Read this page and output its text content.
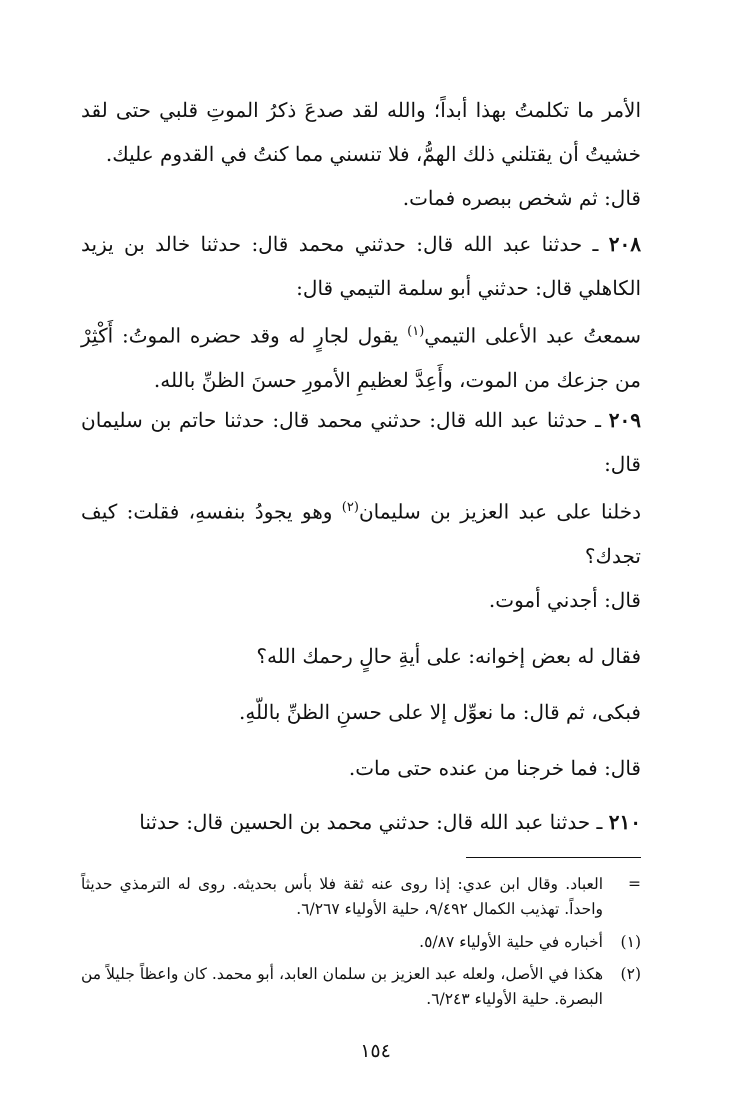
الأمر ما تكلمتُ بهذا أبداً؛ والله لقد صدعَ ذكرُ الموتِ قلبي حتى لقد خشيتُ أن يقتلني ذلك الهمُّ، فلا تنسني مما كنتُ في القدوم عليك.
قال: ثم شخص ببصره فمات.
٢٠٨ ـ حدثنا عبد الله قال: حدثني محمد قال: حدثنا خالد بن يزيد الكاهلي قال: حدثني أبو سلمة التيمي قال:
سمعتُ عبد الأعلى التيمي$^{(١)}$ يقول لجارٍ له وقد حضره الموتُ: أَكْثِرْ من جزعك من الموت، وأَعِدَّ لعظيمِ الأمورِ حسنَ الظنِّ بالله.
٢٠٩ ـ حدثنا عبد الله قال: حدثني محمد قال: حدثنا حاتم بن سليمان قال:
دخلنا على عبد العزيز بن سليمان$^{(٢)}$ وهو يجودُ بنفسهِ، فقلت: كيف تجدك؟
قال: أجدني أموت.
فقال له بعض إخوانه: على أيةِ حالٍ رحمك الله؟
فبكى، ثم قال: ما نعوِّل إلا على حسنِ الظنِّ باللّهِ.
قال: فما خرجنا من عنده حتى مات.
٢١٠ ـ حدثنا عبد الله قال: حدثني محمد بن الحسين قال: حدثنا
=
العباد. وقال ابن عدي: إذا روى عنه ثقة فلا بأس بحديثه. روى له الترمذي حديثاً واحداً. تهذيب الكمال ٩/٤٩٢، حلية الأولياء ٦/٢٦٧.
(١)
أخباره في حلية الأولياء ٥/٨٧.
(٢)
هكذا في الأصل، ولعله عبد العزيز بن سلمان العابد، أبو محمد. كان واعظاً جليلاً من البصرة. حلية الأولياء ٦/٢٤٣.
١٥٤
